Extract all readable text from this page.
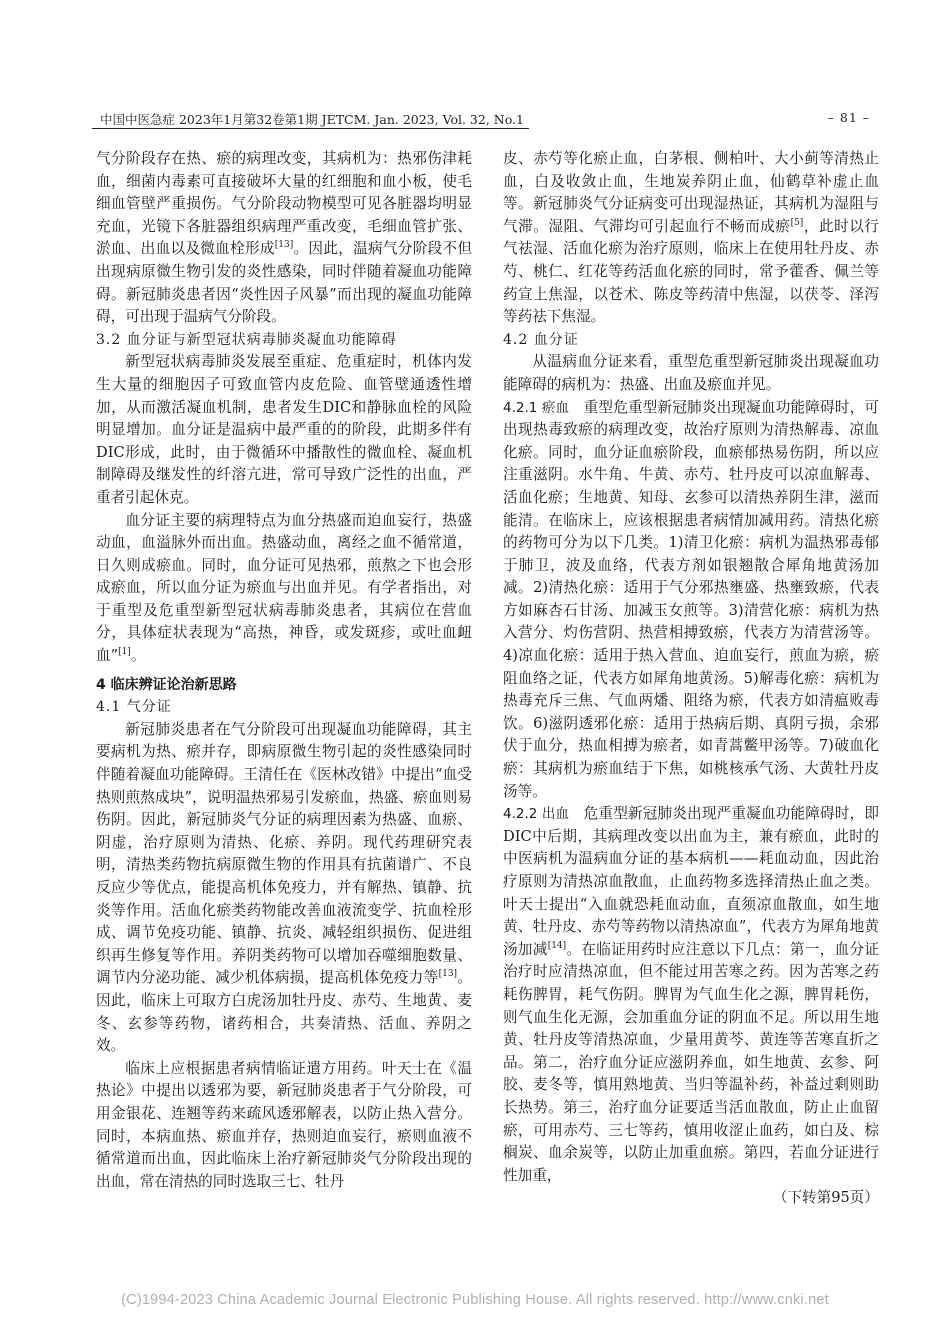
中国中医急症 2023年1月第32卷第1期 JETCM. Jan. 2023, Vol. 32, No.1	– 81 –

气分阶段存在热、瘀的病理改变，其病机为：热邪伤津耗血，细菌内毒素可直接破坏大量的红细胞和血小板，使毛细血管壁严重损伤。气分阶段动物模型可见各脏器均明显充血，光镜下各脏器组织病理严重改变，毛细血管扩张、淤血、出血以及微血栓形成[13]。因此，温病气分阶段不但出现病原微生物引发的炎性感染，同时伴随着凝血功能障碍。新冠肺炎患者因“炎性因子风暴”而出现的凝血功能障碍，可出现于温病气分阶段。

3.2 血分证与新型冠状病毒肺炎凝血功能障碍

新型冠状病毒肺炎发展至重症、危重症时，机体内发生大量的细胞因子可致血管内皮危险、血管壁通透性增加，从而激活凝血机制，患者发生DIC和静脉血栓的风险明显增加。血分证是温病中最严重的的阶段，此期多伴有DIC形成，此时，由于微循环中播散性的微血栓、凝血机制障碍及继发性的纤溶亢进，常可导致广泛性的出血，严重者引起休克。

血分证主要的病理特点为血分热盛而迫血妄行，热盛动血，血溢脉外而出血。热盛动血，离经之血不循常道，日久则成瘀血。同时，血分证可见热邪，煎熬之下也会形成瘀血，所以血分证为瘀血与出血并见。有学者指出，对于重型及危重型新型冠状病毒肺炎患者，其病位在营血分，具体症状表现为“高热，神昏，或发斑疹，或吐血衄血”[1]。

4 临床辨证论治新思路

4.1 气分证

新冠肺炎患者在气分阶段可出现凝血功能障碍，其主要病机为热、瘀并存，即病原微生物引起的炎性感染同时伴随着凝血功能障碍。王清任在《医林改错》中提出“血受热则煎熬成块”，说明温热邪易引发瘀血，热盛、瘀血则易伤阴。因此，新冠肺炎气分证的病理因素为热盛、血瘀、阴虚，治疗原则为清热、化瘀、养阴。现代药理研究表明，清热类药物抗病原微生物的作用具有抗菌谱广、不良反应少等优点，能提高机体免疫力，并有解热、镇静、抗炎等作用。活血化瘀类药物能改善血液流变学、抗血栓形成、调节免疫功能、镇静、抗炎、减轻组织损伤、促进组织再生修复等作用。养阴类药物可以增加吞噬细胞数量、调节内分泌功能、减少机体病损，提高机体免疫力等[13]。因此，临床上可取方白虎汤加牡丹皮、赤芍、生地黄、麦冬、玄参等药物，诸药相合，共奏清热、活血、养阴之效。

临床上应根据患者病情临证遣方用药。叶天士在《温热论》中提出以透邪为要，新冠肺炎患者于气分阶段，可用金银花、连翘等药来疏风透邪解表，以防止热入营分。同时，本病血热、瘀血并存，热则迫血妄行，瘀则血液不循常道而出血，因此临床上治疗新冠肺炎气分阶段出现的出血，常在清热的同时选取三七、牡丹

皮、赤芍等化瘀止血，白茅根、侧柏叶、大小蓟等清热止血，白及收敛止血，生地炭养阴止血，仙鹤草补虚止血等。新冠肺炎气分证病变可出现湿热证，其病机为湿阻与气滞。湿阻、气滞均可引起血行不畅而成瘀[5]，此时以行气祛湿、活血化瘀为治疗原则，临床上在使用牡丹皮、赤芍、桃仁、红花等药活血化瘀的同时，常予藿香、佩兰等药宣上焦湿，以苍术、陈皮等药清中焦湿，以茯苓、泽泻等药祛下焦湿。

4.2 血分证

从温病血分证来看，重型危重型新冠肺炎出现凝血功能障碍的病机为：热盛、出血及瘀血并见。

4.2.1 瘀血 重型危重型新冠肺炎出现凝血功能障碍时，可出现热毒致瘀的病理改变，故治疗原则为清热解毒、凉血化瘀。同时，血分证血瘀阶段，血瘀郁热易伤阴，所以应注重滋阴。水牛角、牛黄、赤芍、牡丹皮可以凉血解毒、活血化瘀；生地黄、知母、玄参可以清热养阴生津，滋而能清。在临床上，应该根据患者病情加减用药。清热化瘀的药物可分为以下几类。1)清卫化瘀：病机为温热邪毒郁于肺卫，波及血络，代表方剂如银翘散合犀角地黄汤加减。2)清热化瘀：适用于气分邪热壅盛、热壅致瘀，代表方如麻杏石甘汤、加减玉女煎等。3)清营化瘀：病机为热入营分、灼伤营阴、热营相搏致瘀，代表方为清营汤等。4)凉血化瘀：适用于热入营血、迫血妄行，煎血为瘀，瘀阻血络之证，代表方如犀角地黄汤。5)解毒化瘀：病机为热毒充斥三焦、气血两燔、阻络为瘀，代表方如清瘟败毒饮。6)滋阴透邪化瘀：适用于热病后期、真阴亏损，余邪伏于血分，热血相搏为瘀者，如青蒿鳖甲汤等。7)破血化瘀：其病机为瘀血结于下焦，如桃核承气汤、大黄牡丹皮汤等。

4.2.2 出血 危重型新冠肺炎出现严重凝血功能障碍时，即DIC中后期，其病理改变以出血为主，兼有瘀血，此时的中医病机为温病血分证的基本病机——耗血动血，因此治疗原则为清热凉血散血，止血药物多选择清热止血之类。叶天士提出“入血就恐耗血动血，直须凉血散血，如生地黄、牡丹皮、赤芍等药物以清热凉血”，代表方为犀角地黄汤加减[14]。在临证用药时应注意以下几点：第一，血分证治疗时应清热凉血，但不能过用苦寒之药。因为苦寒之药耗伤脾胃，耗气伤阴。脾胃为气血生化之源，脾胃耗伤，则气血生化无源，会加重血分证的阴血不足。所以用生地黄、牡丹皮等清热凉血，少量用黄芩、黄连等苦寒直折之品。第二，治疗血分证应滋阴养血，如生地黄、玄参、阿胶、麦冬等，慎用熟地黄、当归等温补药，补益过剩则助长热势。第三，治疗血分证要适当活血散血，防止止血留瘀，可用赤芍、三七等药，慎用收涩止血药，如白及、棕榈炭、血余炭等，以防止加重血瘀。第四，若血分证进行性加重，

（下转第95页）

(C)1994-2023 China Academic Journal Electronic Publishing House. All rights reserved. http://www.cnki.net
